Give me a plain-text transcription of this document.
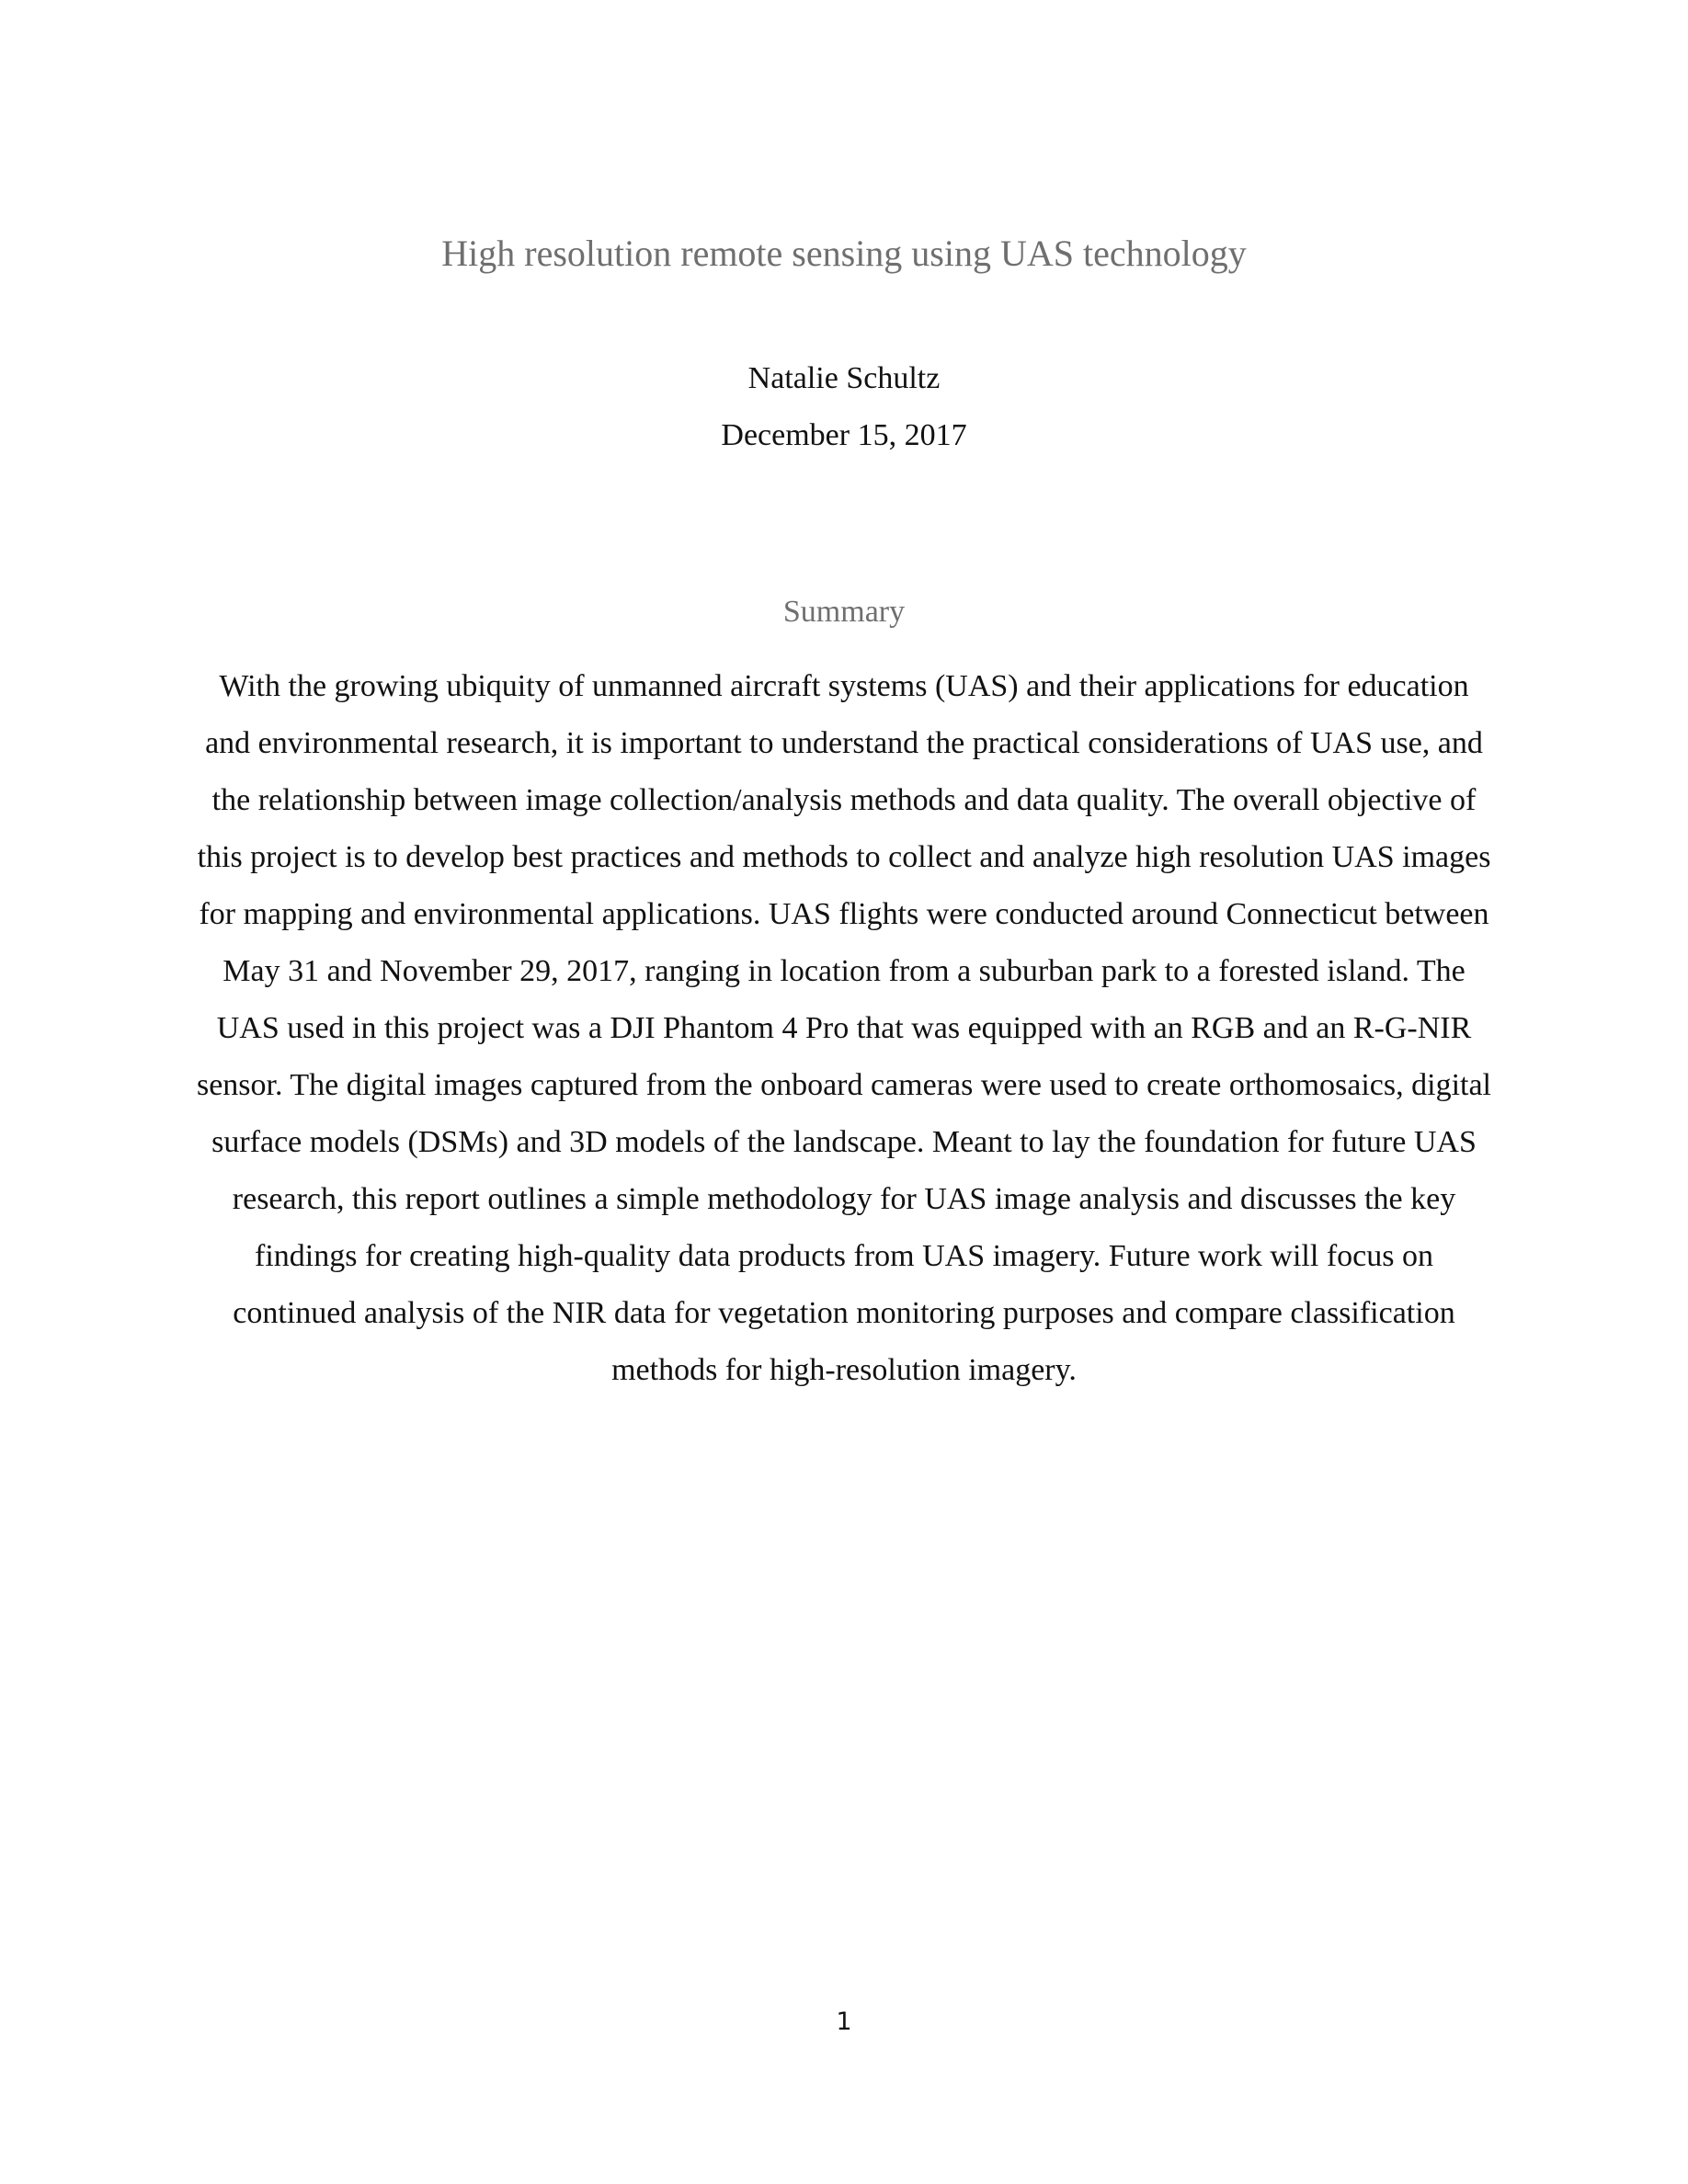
High resolution remote sensing using UAS technology

Natalie Schultz

December 15, 2017

Summary

With the growing ubiquity of unmanned aircraft systems (UAS) and their applications for education and environmental research, it is important to understand the practical considerations of UAS use, and the relationship between image collection/analysis methods and data quality. The overall objective of this project is to develop best practices and methods to collect and analyze high resolution UAS images for mapping and environmental applications. UAS flights were conducted around Connecticut between May 31 and November 29, 2017, ranging in location from a suburban park to a forested island. The UAS used in this project was a DJI Phantom 4 Pro that was equipped with an RGB and an R-G-NIR sensor. The digital images captured from the onboard cameras were used to create orthomosaics, digital surface models (DSMs) and 3D models of the landscape. Meant to lay the foundation for future UAS research, this report outlines a simple methodology for UAS image analysis and discusses the key findings for creating high-quality data products from UAS imagery. Future work will focus on continued analysis of the NIR data for vegetation monitoring purposes and compare classification methods for high-resolution imagery.

1
